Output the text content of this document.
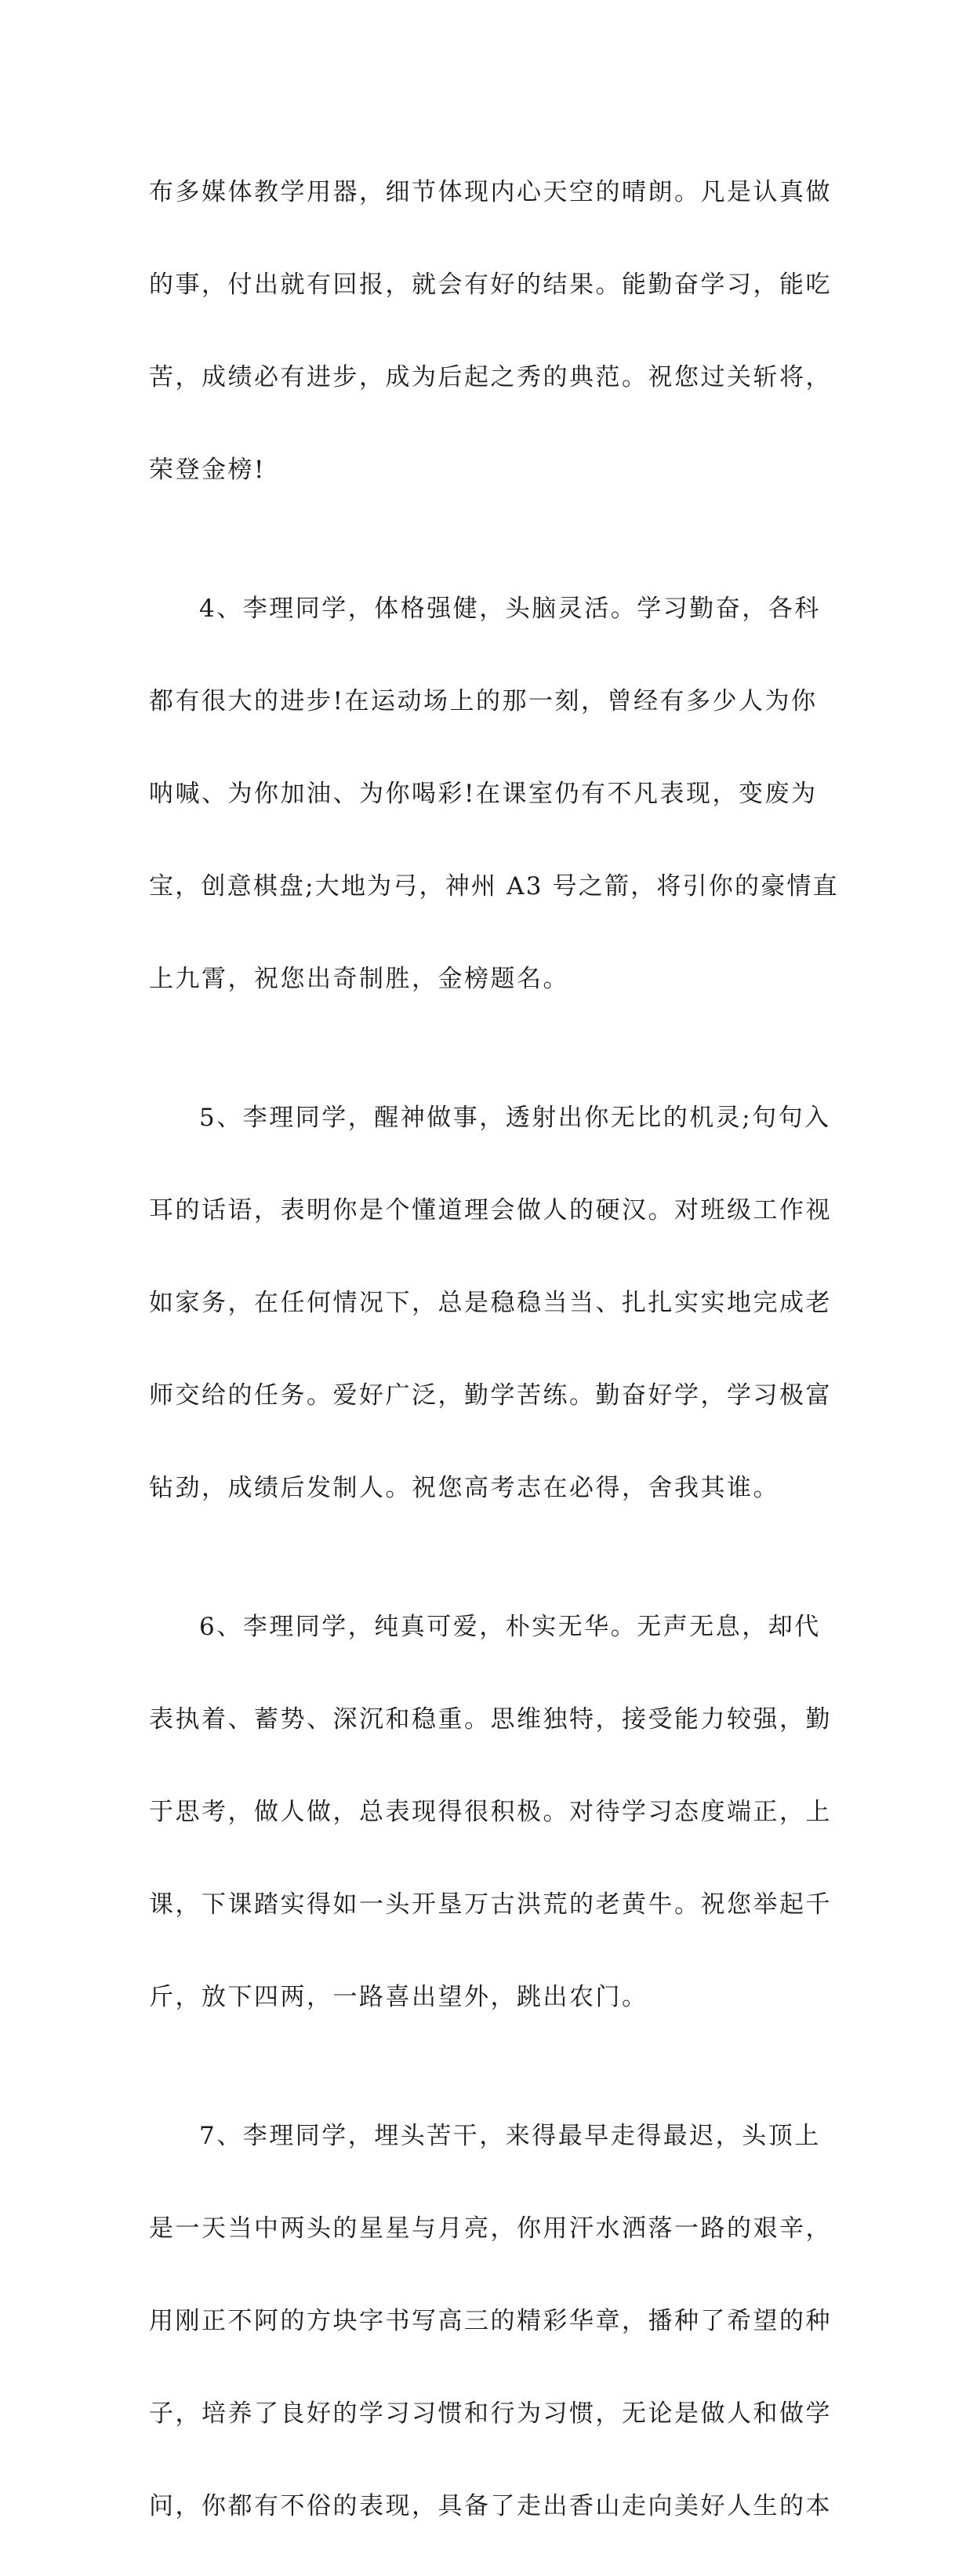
布多媒体教学用器，细节体现内心天空的晴朗。凡是认真做

的事，付出就有回报，就会有好的结果。能勤奋学习，能吃

苦，成绩必有进步，成为后起之秀的典范。祝您过关斩将，

荣登金榜!

4、李理同学，体格强健，头脑灵活。学习勤奋，各科

都有很大的进步!在运动场上的那一刻，曾经有多少人为你

呐喊、为你加油、为你喝彩!在课室仍有不凡表现，变废为

宝，创意棋盘;大地为弓，神州 A3 号之箭，将引你的豪情直

上九霄，祝您出奇制胜，金榜题名。

5、李理同学，醒神做事，透射出你无比的机灵;句句入

耳的话语，表明你是个懂道理会做人的硬汉。对班级工作视

如家务，在任何情况下，总是稳稳当当、扎扎实实地完成老

师交给的任务。爱好广泛，勤学苦练。勤奋好学，学习极富

钻劲，成绩后发制人。祝您高考志在必得，舍我其谁。

6、李理同学，纯真可爱，朴实无华。无声无息，却代

表执着、蓄势、深沉和稳重。思维独特，接受能力较强，勤

于思考，做人做，总表现得很积极。对待学习态度端正，上

课，下课踏实得如一头开垦万古洪荒的老黄牛。祝您举起千

斤，放下四两，一路喜出望外，跳出农门。

7、李理同学，埋头苦干，来得最早走得最迟，头顶上

是一天当中两头的星星与月亮，你用汗水洒落一路的艰辛，

用刚正不阿的方块字书写高三的精彩华章，播种了希望的种

子，培养了良好的学习习惯和行为习惯，无论是做人和做学

问，你都有不俗的表现，具备了走出香山走向美好人生的本
